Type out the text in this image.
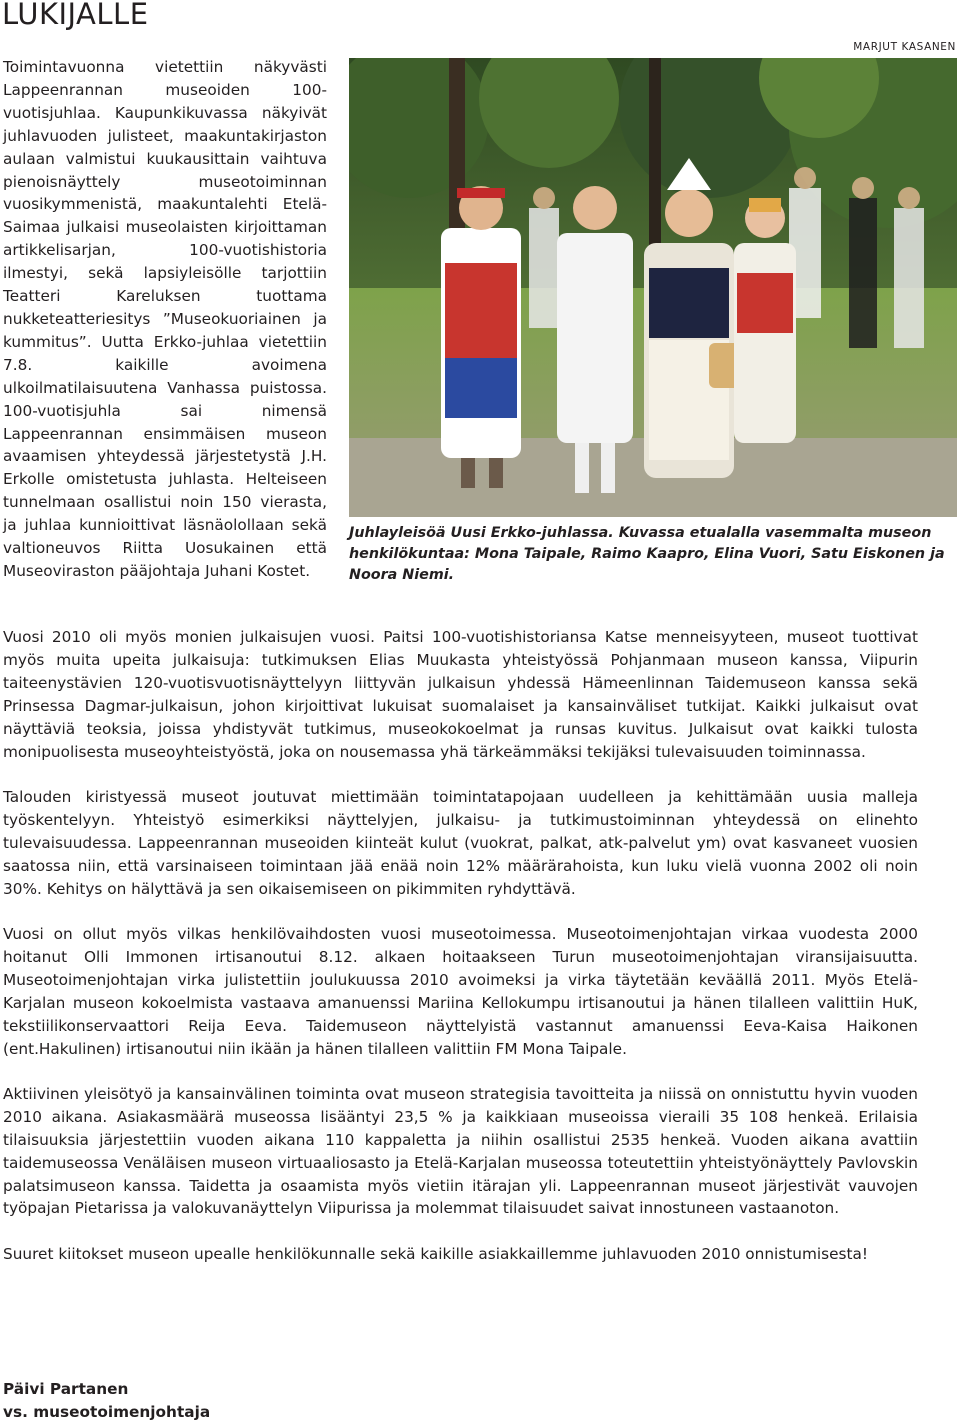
LUKIJALLE
Toimintavuonna vietettiin näkyvästi Lappeenrannan museoiden 100-vuotisjuhlaa. Kaupunkikuvassa näkyivät juhlavuoden julisteet, maakuntakirjaston aulaan valmistui kuukausittain vaihtuva pienoisnäyttely museotoiminnan vuosikymmenistä, maakuntalehti Etelä-Saimaa julkaisi museolaisten kirjoittaman artikkelisarjan, 100-vuotishistoria ilmestyi, sekä lapsiyleisölle tarjottiin Teatteri Kareluksen tuottama nukketeatteriesitys ”Museokuoriainen ja kummitus”. Uutta Erkko-juhlaa vietettiin 7.8. kaikille avoimena ulkoilmatilaisuutena Vanhassa puistossa. 100-vuotisjuhla sai nimensä Lappeenrannan ensimmäisen museon avaamisen yhteydessä järjestetystä J.H. Erkolle omistetusta juhlasta. Helteiseen tunnelmaan osallistui noin 150 vierasta, ja juhlaa kunnioittivat läsnäolollaan sekä valtioneuvos Riitta Uosukainen että Museoviraston pääjohtaja Juhani Kostet.
MARJUT KASANEN
Juhlayleisöä Uusi Erkko-juhlassa. Kuvassa etualalla vasemmalta museon henkilökuntaa: Mona Taipale, Raimo Kaapro, Elina Vuori, Satu Eiskonen ja Noora Niemi.

Vuosi 2010 oli myös monien julkaisujen vuosi. Paitsi 100-vuotishistoriansa Katse menneisyyteen, museot tuottivat myös muita upeita julkaisuja: tutkimuksen Elias Muukasta yhteistyössä Pohjanmaan museon kanssa, Viipurin taiteenystävien 120-vuotisvuotisnäyttelyyn liittyvän julkaisun yhdessä Hämeenlinnan Taidemuseon kanssa sekä Prinsessa Dagmar-julkaisun, johon kirjoittivat lukuisat suomalaiset ja kansainväliset tutkijat. Kaikki julkaisut ovat näyttäviä teoksia, joissa yhdistyvät tutkimus, museokokoelmat ja runsas kuvitus. Julkaisut ovat kaikki tulosta monipuolisesta museoyhteistyöstä, joka on nousemassa yhä tärkeämmäksi tekijäksi tulevaisuuden toiminnassa.

Talouden kiristyessä museot joutuvat miettimään toimintatapojaan uudelleen ja kehittämään uusia malleja työskentelyyn. Yhteistyö esimerkiksi näyttelyjen, julkaisu- ja tutkimustoiminnan yhteydessä on elinehto tulevaisuudessa. Lappeenrannan museoiden kiinteät kulut (vuokrat, palkat, atk-palvelut ym) ovat kasvaneet vuosien saatossa niin, että varsinaiseen toimintaan jää enää noin 12% määrärahoista, kun luku vielä vuonna 2002 oli noin 30%. Kehitys on hälyttävä ja sen oikaisemiseen on pikimmiten ryhdyttävä.

Vuosi on ollut myös vilkas henkilövaihdosten vuosi museotoimessa. Museotoimenjohtajan virkaa vuodesta 2000 hoitanut Olli Immonen irtisanoutui 8.12. alkaen hoitaakseen Turun museotoimenjohtajan viransijaisuutta. Museotoimenjohtajan virka julistettiin joulukuussa 2010 avoimeksi ja virka täytetään keväällä 2011. Myös Etelä-Karjalan museon kokoelmista vastaava amanuenssi Mariina Kellokumpu irtisanoutui ja hänen tilalleen valittiin HuK, tekstiilikonservaattori Reija Eeva. Taidemuseon näyttelyistä vastannut amanuenssi Eeva-Kaisa Haikonen (ent.Hakulinen) irtisanoutui niin ikään ja hänen tilalleen valittiin FM Mona Taipale.

Aktiivinen yleisötyö ja kansainvälinen toiminta ovat museon strategisia tavoitteita ja niissä on onnistuttu hyvin vuoden 2010 aikana. Asiakasmäärä museossa lisääntyi 23,5 % ja kaikkiaan museoissa vieraili 35 108 henkeä. Erilaisia tilaisuuksia järjestettiin vuoden aikana 110 kappaletta ja niihin osallistui 2535 henkeä. Vuoden aikana avattiin taidemuseossa Venäläisen museon virtuaaliosasto ja Etelä-Karjalan museossa toteutettiin yhteistyönäyttely Pavlovskin palatsimuseon kanssa. Taidetta ja osaamista myös vietiin itärajan yli. Lappeenrannan museot järjestivät vauvojen työpajan Pietarissa ja valokuvanäyttelyn Viipurissa ja molemmat tilaisuudet saivat innostuneen vastaanoton.

Suuret kiitokset museon upealle henkilökunnalle sekä kaikille asiakkaillemme juhlavuoden 2010 onnistumisesta!

Päivi Partanen
vs. museotoimenjohtaja
